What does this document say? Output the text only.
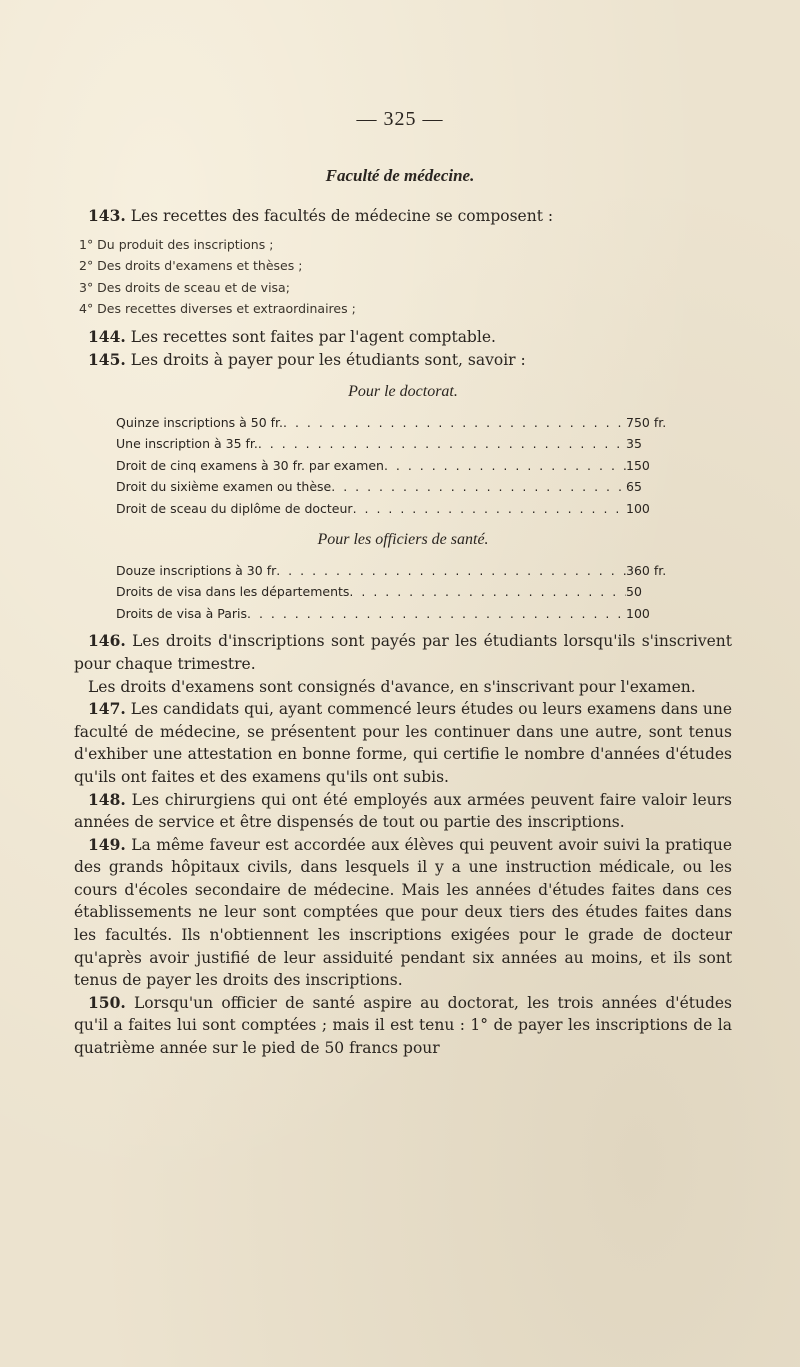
— 325 —
Faculté de médecine.

143. Les recettes des facultés de médecine se composent :

1° Du produit des inscriptions ;
2° Des droits d'examens et thèses ;
3° Des droits de sceau et de visa;
4° Des recettes diverses et extraordinaires ;

144. Les recettes sont faites par l'agent comptable.

145. Les droits à payer pour les étudiants sont, savoir :

Pour le doctorat.
Quinze inscriptions à 50 fr. . . .	750 fr.
Une inscription à 35 fr. . . .	35
Droit de cinq examens à 30 fr. par examen . . .	150
Droit du sixième examen ou thèse . . .	65
Droit de sceau du diplôme de docteur . . .	100
Pour les officiers de santé.
Douze inscriptions à 30 fr . . .	360 fr.
Droits de visa dans les départements . . .	50
Droits de visa à Paris . . .	100

146. Les droits d'inscriptions sont payés par les étudiants lorsqu'ils s'inscrivent pour chaque trimestre.

Les droits d'examens sont consignés d'avance, en s'inscrivant pour l'examen.

147. Les candidats qui, ayant commencé leurs études ou leurs examens dans une faculté de médecine, se présentent pour les continuer dans une autre, sont tenus d'exhiber une attestation en bonne forme, qui certifie le nombre d'années d'études qu'ils ont faites et des examens qu'ils ont subis.

148. Les chirurgiens qui ont été employés aux armées peuvent faire valoir leurs années de service et être dispensés de tout ou partie des inscriptions.

149. La même faveur est accordée aux élèves qui peuvent avoir suivi la pratique des grands hôpitaux civils, dans lesquels il y a une instruction médicale, ou les cours d'écoles secondaire de médecine. Mais les années d'études faites dans ces établissements ne leur sont comptées que pour deux tiers des études faites dans les facultés. Ils n'obtiennent les inscriptions exigées pour le grade de docteur qu'après avoir justifié de leur assiduité pendant six années au moins, et ils sont tenus de payer les droits des inscriptions.

150. Lorsqu'un officier de santé aspire au doctorat, les trois années d'études qu'il a faites lui sont comptées ; mais il est tenu : 1° de payer les inscriptions de la quatrième année sur le pied de 50 francs pour
